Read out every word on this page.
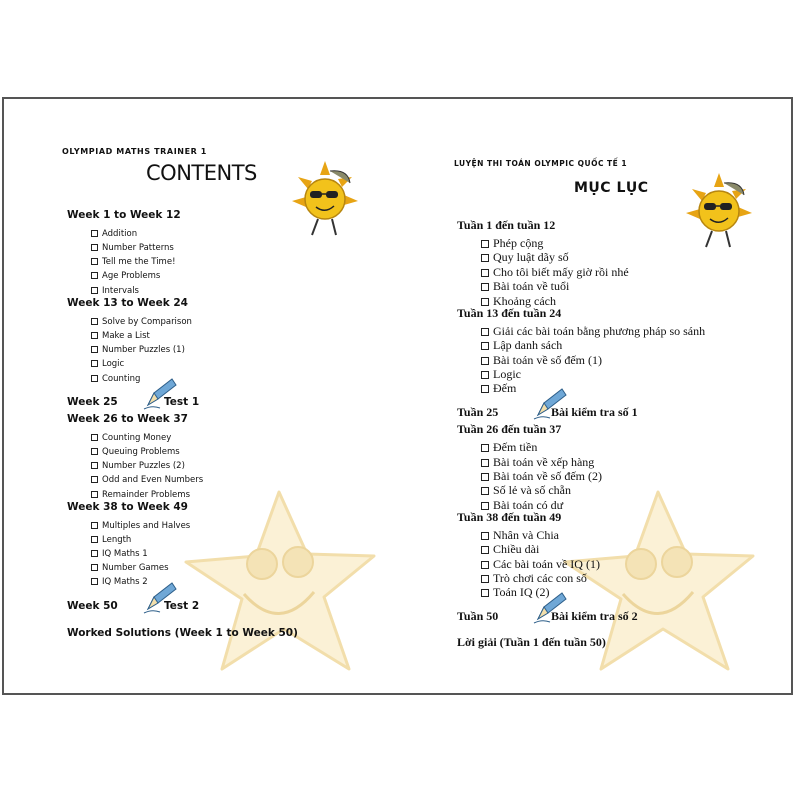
OLYMPIAD MATHS TRAINER 1
CONTENTS
Week 1 to Week 12
Addition
Number Patterns
Tell me the Time!
Age Problems
Intervals
Week 13 to Week 24
Solve by Comparison
Make a List
Number Puzzles (1)
Logic
Counting
Week 25	Test 1
Week 26 to Week 37
Counting Money
Queuing Problems
Number Puzzles (2)
Odd and Even Numbers
Remainder Problems
Week 38 to Week 49
Multiples and Halves
Length
IQ Maths 1
Number Games
IQ Maths 2
Week 50	Test 2
Worked Solutions (Week 1 to Week 50)
LUYỆN THI TOÁN OLYMPIC QUỐC TẾ 1
MỤC LỤC
Tuần 1 đến tuần 12
Phép cộng
Quy luật dãy số
Cho tôi biết mấy giờ rồi nhé
Bài toán về tuổi
Khoảng cách
Tuần 13 đến tuần 24
Giải các bài toán bằng phương pháp so sánh
Lập danh sách
Bài toán về số đếm (1)
Logic
Đếm
Tuần 25	Bài kiểm tra số 1
Tuần 26 đến tuần 37
Đếm tiền
Bài toán về xếp hàng
Bài toán về số đếm (2)
Số lẻ và số chẵn
Bài toán có dư
Tuần 38 đến tuần 49
Nhân và Chia
Chiều dài
Các bài toán về IQ (1)
Trò chơi các con số
Toán IQ (2)
Tuần 50	Bài kiểm tra số 2
Lời giải (Tuần 1 đến tuần 50)
